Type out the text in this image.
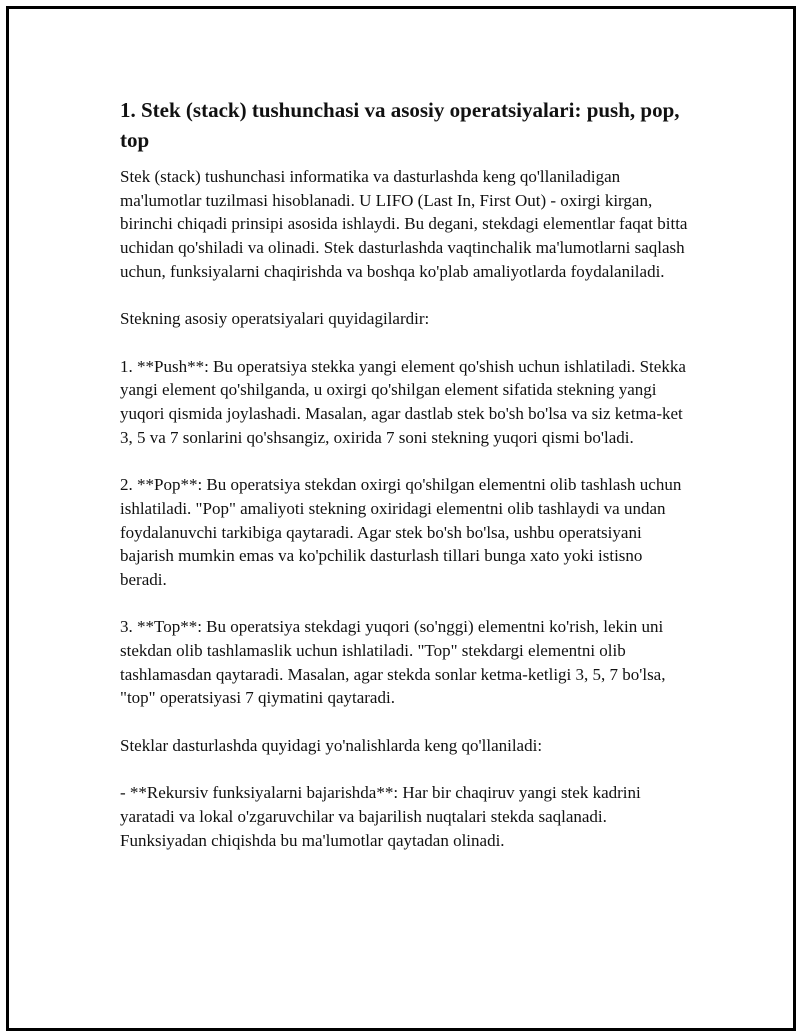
1. Stek (stack) tushunchasi va asosiy operatsiyalari: push, pop, top

Stek (stack) tushunchasi informatika va dasturlashda keng qo'llaniladigan ma'lumotlar tuzilmasi hisoblanadi. U LIFO (Last In, First Out) - oxirgi kirgan, birinchi chiqadi prinsipi asosida ishlaydi. Bu degani, stekdagi elementlar faqat bitta uchidan qo'shiladi va olinadi. Stek dasturlashda vaqtinchalik ma'lumotlarni saqlash uchun, funksiyalarni chaqirishda va boshqa ko'plab amaliyotlarda foydalaniladi.

Stekning asosiy operatsiyalari quyidagilardir:

1. **Push**: Bu operatsiya stekka yangi element qo'shish uchun ishlatiladi. Stekka yangi element qo'shilganda, u oxirgi qo'shilgan element sifatida stekning yangi yuqori qismida joylashadi. Masalan, agar dastlab stek bo'sh bo'lsa va siz ketma-ket 3, 5 va 7 sonlarini qo'shsangiz, oxirida 7 soni stekning yuqori qismi bo'ladi.

2. **Pop**: Bu operatsiya stekdan oxirgi qo'shilgan elementni olib tashlash uchun ishlatiladi. "Pop" amaliyoti stekning oxiridagi elementni olib tashlaydi va undan foydalanuvchi tarkibiga qaytaradi. Agar stek bo'sh bo'lsa, ushbu operatsiyani bajarish mumkin emas va ko'pchilik dasturlash tillari bunga xato yoki istisno beradi.

3. **Top**: Bu operatsiya stekdagi yuqori (so'nggi) elementni ko'rish, lekin uni stekdan olib tashlamaslik uchun ishlatiladi. "Top" stekdargi elementni olib tashlamasdan qaytaradi. Masalan, agar stekda sonlar ketma-ketligi 3, 5, 7 bo'lsa, "top" operatsiyasi 7 qiymatini qaytaradi.

Steklar dasturlashda quyidagi yo'nalishlarda keng qo'llaniladi:

- **Rekursiv funksiyalarni bajarishda**: Har bir chaqiruv yangi stek kadrini yaratadi va lokal o'zgaruvchilar va bajarilish nuqtalari stekda saqlanadi. Funksiyadan chiqishda bu ma'lumotlar qaytadan olinadi.
